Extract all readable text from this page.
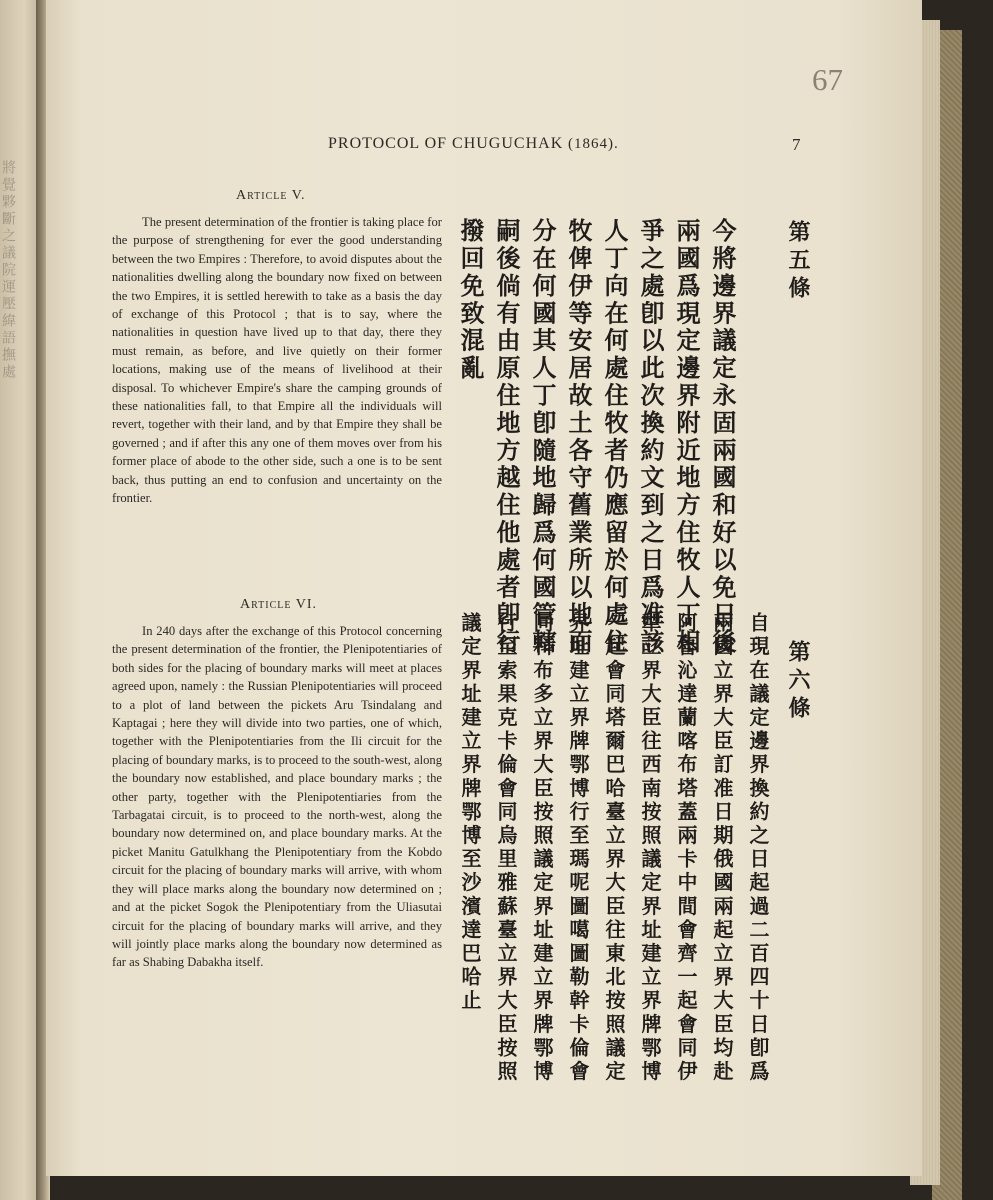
將覺夥斷之議院運壓緯語撫處
67
PROTOCOL OF CHUGUCHAK (1864).	7
Article V.
The present determination of the frontier is taking place for the purpose of strengthening for ever the good understanding between the two Empires : Therefore, to avoid disputes about the nationalities dwelling along the boundary now fixed on between the two Empires, it is settled herewith to take as a basis the day of exchange of this Protocol ; that is to say, where the nationalities in question have lived up to that day, there they must remain, as before, and live quietly on their former locations, making use of the means of livelihood at their disposal. To whichever Empire's share the camping grounds of these nationalities fall, to that Empire all the individuals will revert, together with their land, and by that Empire they shall be governed ; and if after this any one of them moves over from his former place of abode to the other side, such a one is to be sent back, thus putting an end to confusion and uncertainty on the frontier.
第五條
今將邊界議定永固兩國和好以免日後
兩國爲現定邊界附近地方住牧人丁相
爭之處卽以此次換約文到之日爲准該
人丁向在何處住牧者仍應留於何處住
牧俾伊等安居故土各守舊業所以地面
分在何國其人丁卽隨地歸爲何國管轄
嗣後倘有由原住地方越住他處者卽行
撥回免致混亂
Article VI.
In 240 days after the exchange of this Protocol concerning the present determination of the frontier, the Plenipotentiaries of both sides for the placing of boundary marks will meet at places agreed upon, namely : the Russian Plenipotentiaries will proceed to a plot of land between the pickets Aru Tsindalang and Kaptagai ; here they will divide into two parties, one of which, together with the Plenipotentiaries from the Ili circuit for the placing of boundary marks, is to proceed to the south-west, along the boundary now established, and place boundary marks ; the other party, together with the Plenipotentiaries from the Tarbagatai circuit, is to proceed to the north-west, along the boundary now determined on, and place boundary marks. At the picket Manitu Gatulkhang the Plenipotentiary from the Kobdo circuit for the placing of boundary marks will arrive, with whom they will place marks along the boundary now determined on ; and at the picket Sogok the Plenipotentiary from the Uliasutai circuit for the placing of boundary marks will arrive, and they will jointly place marks along the boundary now determined as far as Shabing Dabakha itself.
第六條
自現在議定邊界換約之日起過二百四十日卽爲
兩國立界大臣訂准日期俄國兩起立界大臣均赴
阿魯沁達蘭喀布塔蓋兩卡中間會齊一起會同伊
犁立界大臣往西南按照議定界址建立界牌鄂博
一起會同塔爾巴哈臺立界大臣往東北按照議定
界址建立界牌鄂博行至瑪呢圖噶圖勒幹卡倫會
同科布多立界大臣按照議定界址建立界牌鄂博
行至索果克卡倫會同烏里雅蘇臺立界大臣按照
議定界址建立界牌鄂博至沙濱達巴哈止
